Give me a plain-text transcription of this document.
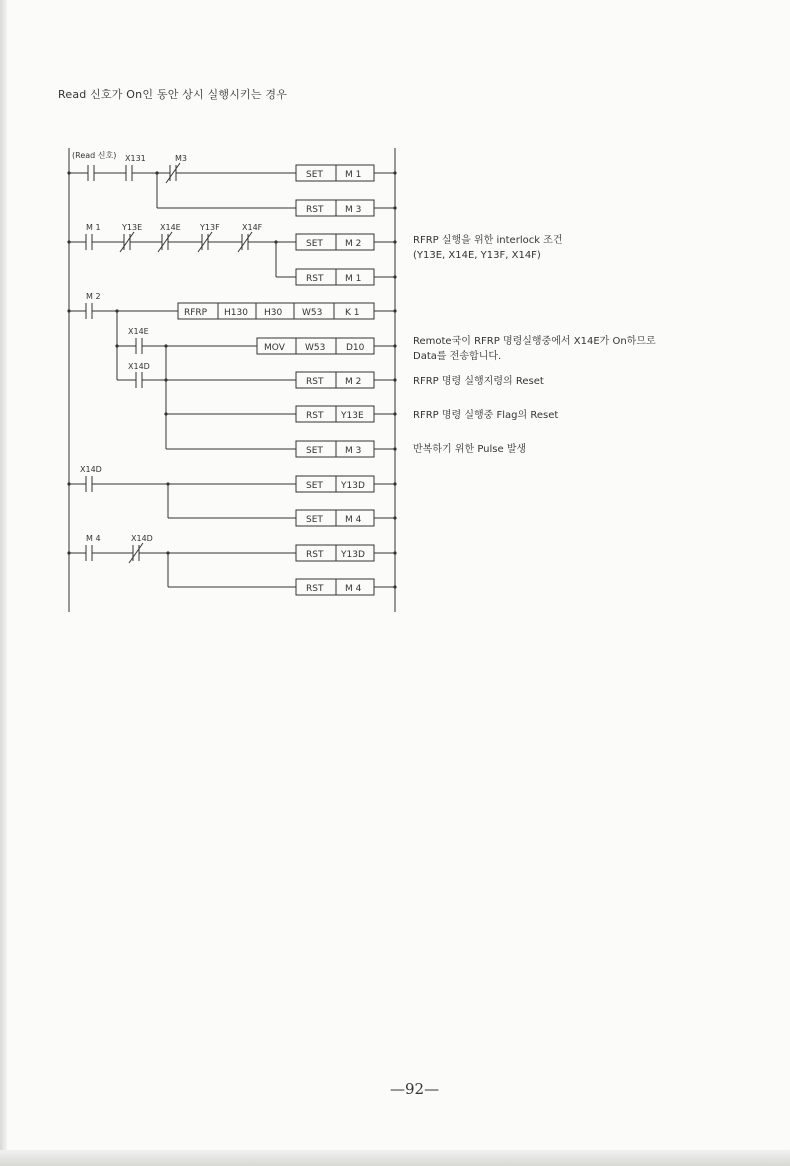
Read 신호가 On인 동안 상시 실행시키는 경우
(Read 신호) X131	M3
SET M 1
RST M 3
M 1	Y13E X14E Y13F	X14F
SET M 2
RST M 1
M 2
RFRP H130 H30 W53	K 1
X14E
X14D
MOV W53 D10
RST M 2
RST Y13E
SET M 3
X14D
SET Y13D
SET M 4
M 4	X14D
RST Y13D
RST M 4
RFRP 실행을 위한 interlock 조건
(Y13E, X14E, Y13F, X14F)
Remote국이 RFRP 명령실행중에서 X14E가 On하므로
Data를 전송합니다.
RFRP 명령 실행지령의 Reset
RFRP 명령 실행중 Flag의 Reset
반복하기 위한 Pulse 발생
—92—
